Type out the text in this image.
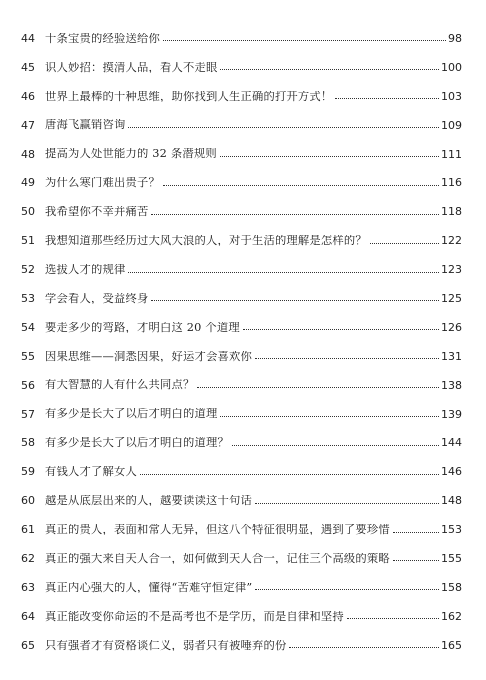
44 十条宝贵的经验送给你	98
45 识人妙招：摸清人品，看人不走眼	100
46 世界上最棒的十种思维，助你找到人生正确的打开方式！	103
47 唐海飞赢销咨询	109
48 提高为人处世能力的 32 条潜规则	111
49 为什么寒门难出贵子？	116
50 我希望你不幸并痛苦	118
51 我想知道那些经历过大风大浪的人，对于生活的理解是怎样的？	122
52 选拔人才的规律	123
53 学会看人，受益终身	125
54 要走多少的弯路，才明白这 20 个道理	126
55 因果思维——洞悉因果，好运才会喜欢你	131
56 有大智慧的人有什么共同点？	138
57 有多少是长大了以后才明白的道理	139
58 有多少是长大了以后才明白的道理？	144
59 有钱人才了解女人	146
60 越是从底层出来的人，越要读读这十句话	148
61 真正的贵人，表面和常人无异，但这八个特征很明显，遇到了要珍惜	153
62 真正的强大来自天人合一，如何做到天人合一，记住三个高级的策略	155
63 真正内心强大的人，懂得“苦难守恒定律”	158
64 真正能改变你命运的不是高考也不是学历，而是自律和坚持	162
65 只有强者才有资格谈仁义，弱者只有被唾弃的份	165
